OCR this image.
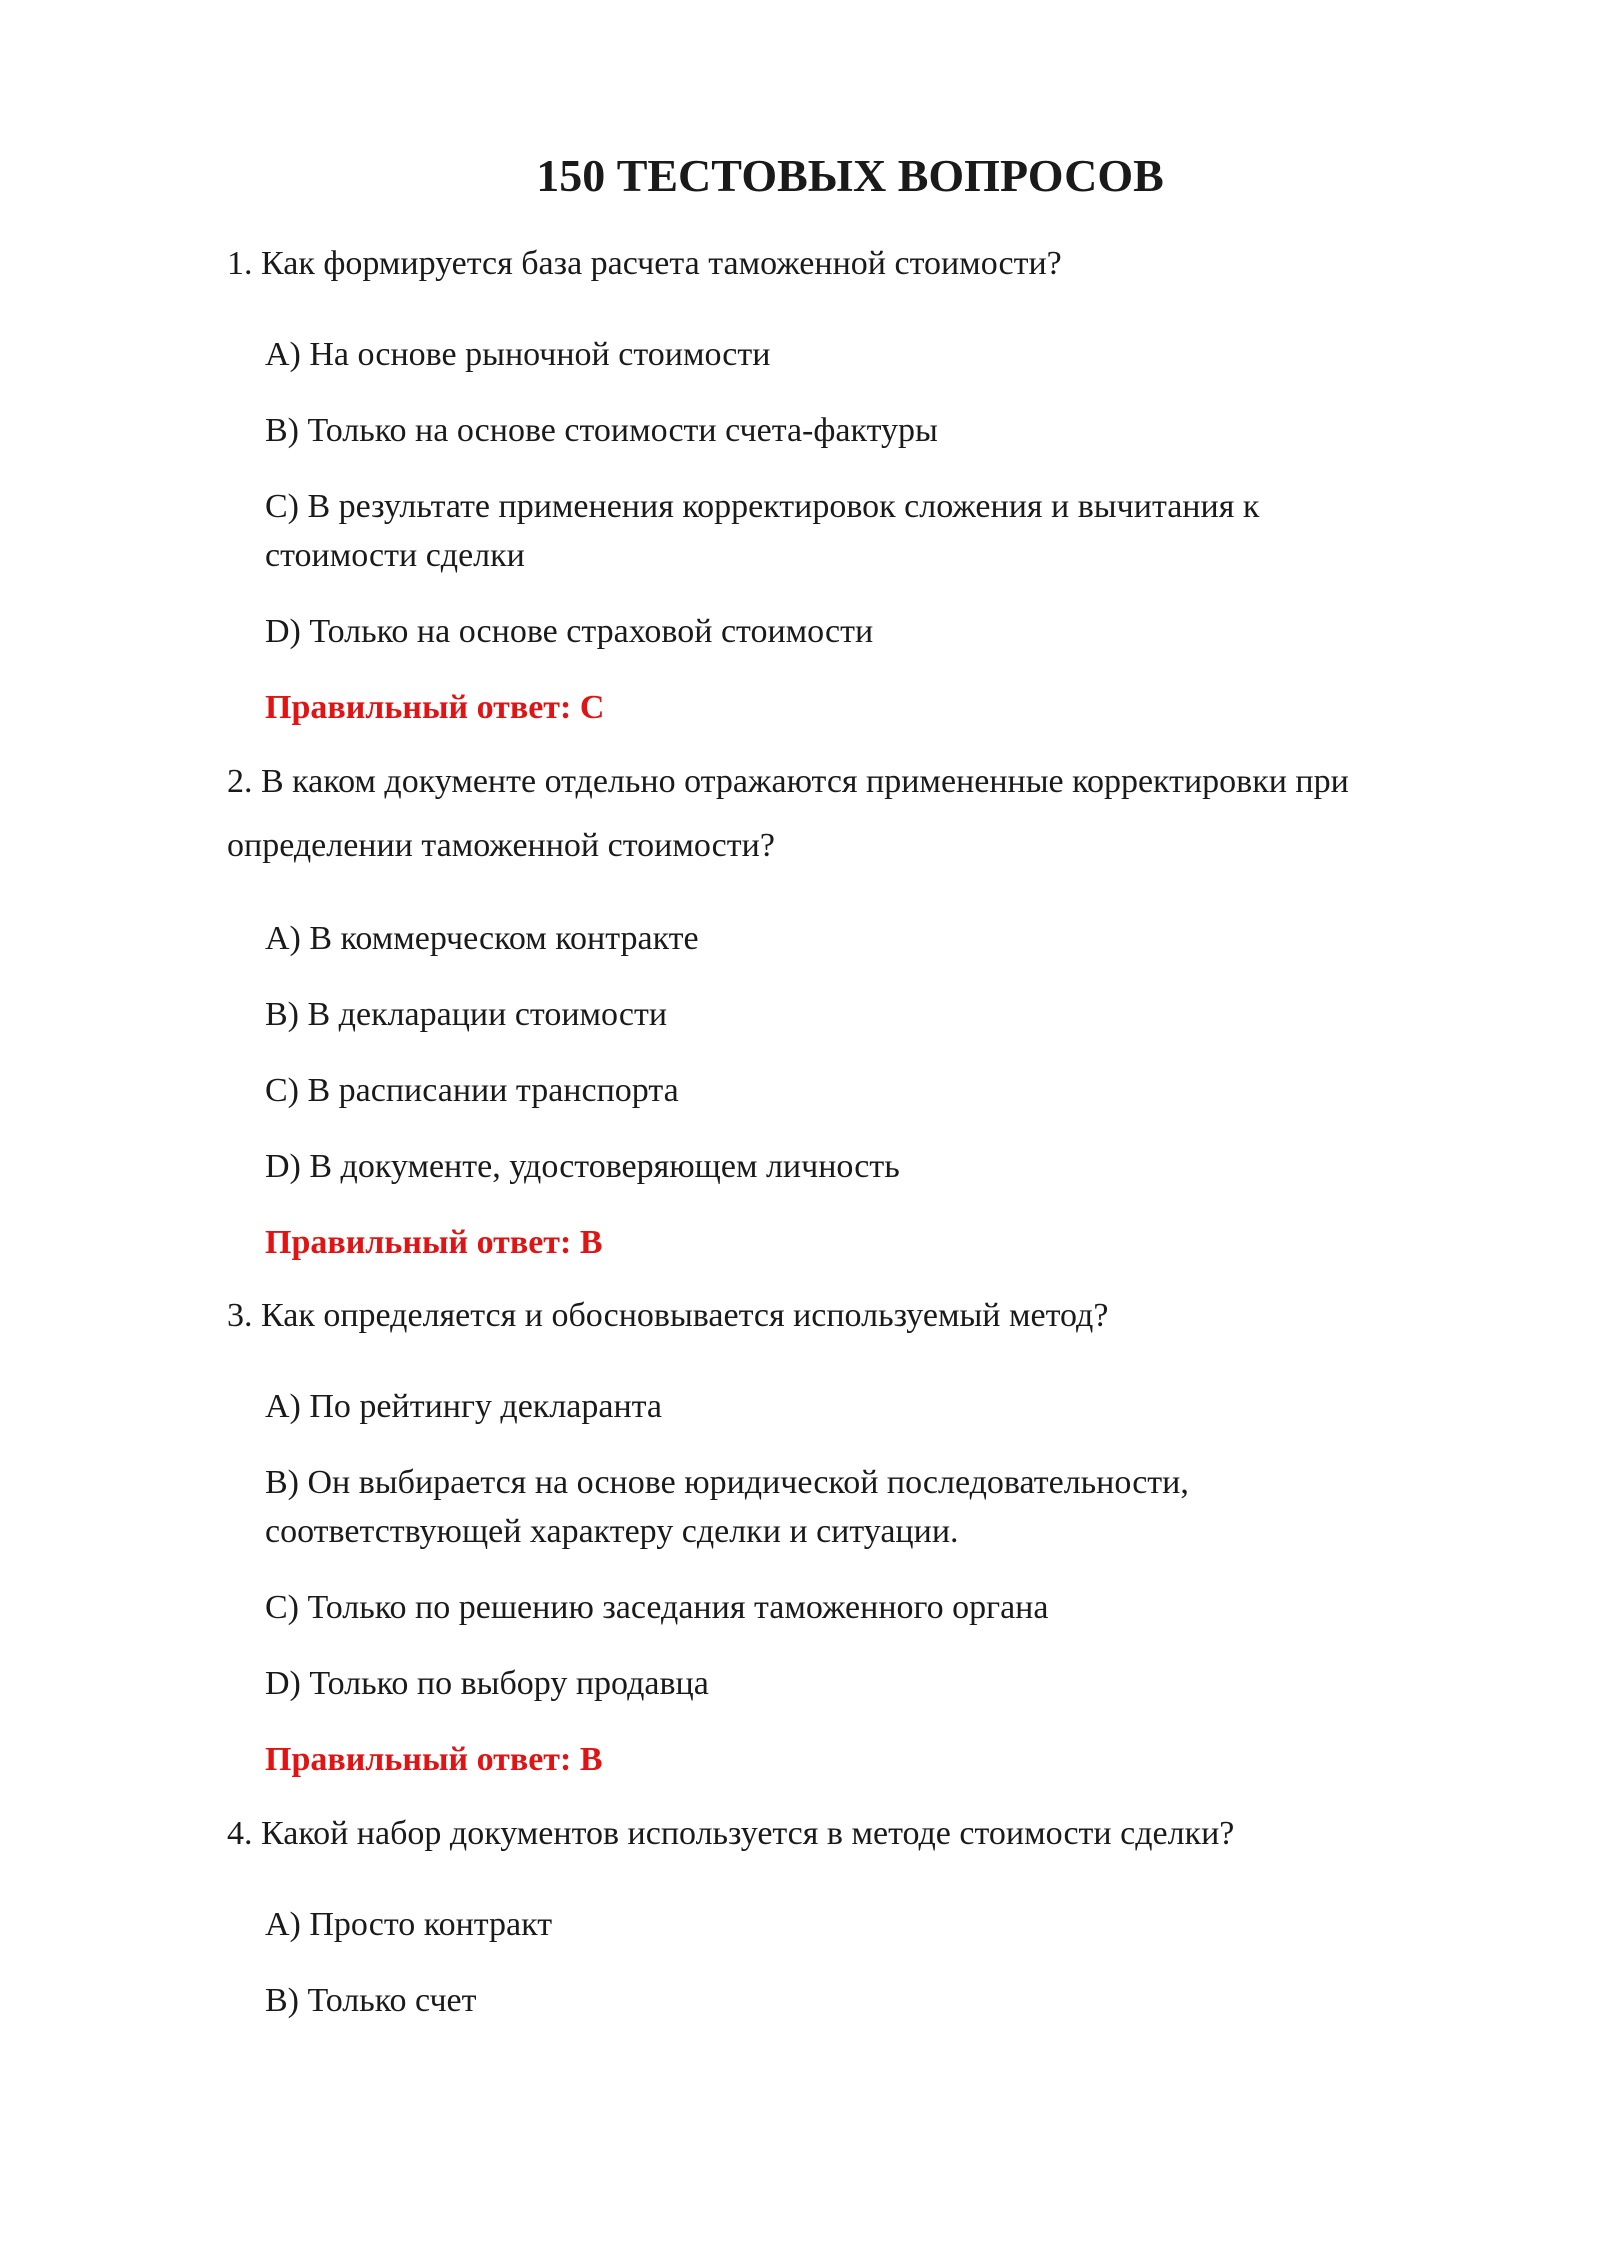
150 ТЕСТОВЫХ ВОПРОСОВ
1. Как формируется база расчета таможенной стоимости?
A) На основе рыночной стоимости
B) Только на основе стоимости счета-фактуры
C) В результате применения корректировок сложения и вычитания к стоимости сделки
D) Только на основе страховой стоимости
Правильный ответ: C
2. В каком документе отдельно отражаются примененные корректировки при определении таможенной стоимости?
A) В коммерческом контракте
B) В декларации стоимости
C) В расписании транспорта
D) В документе, удостоверяющем личность
Правильный ответ: B
3. Как определяется и обосновывается используемый метод?
A) По рейтингу декларанта
B) Он выбирается на основе юридической последовательности, соответствующей характеру сделки и ситуации.
C) Только по решению заседания таможенного органа
D) Только по выбору продавца
Правильный ответ: B
4. Какой набор документов используется в методе стоимости сделки?
A) Просто контракт
B) Только счет
